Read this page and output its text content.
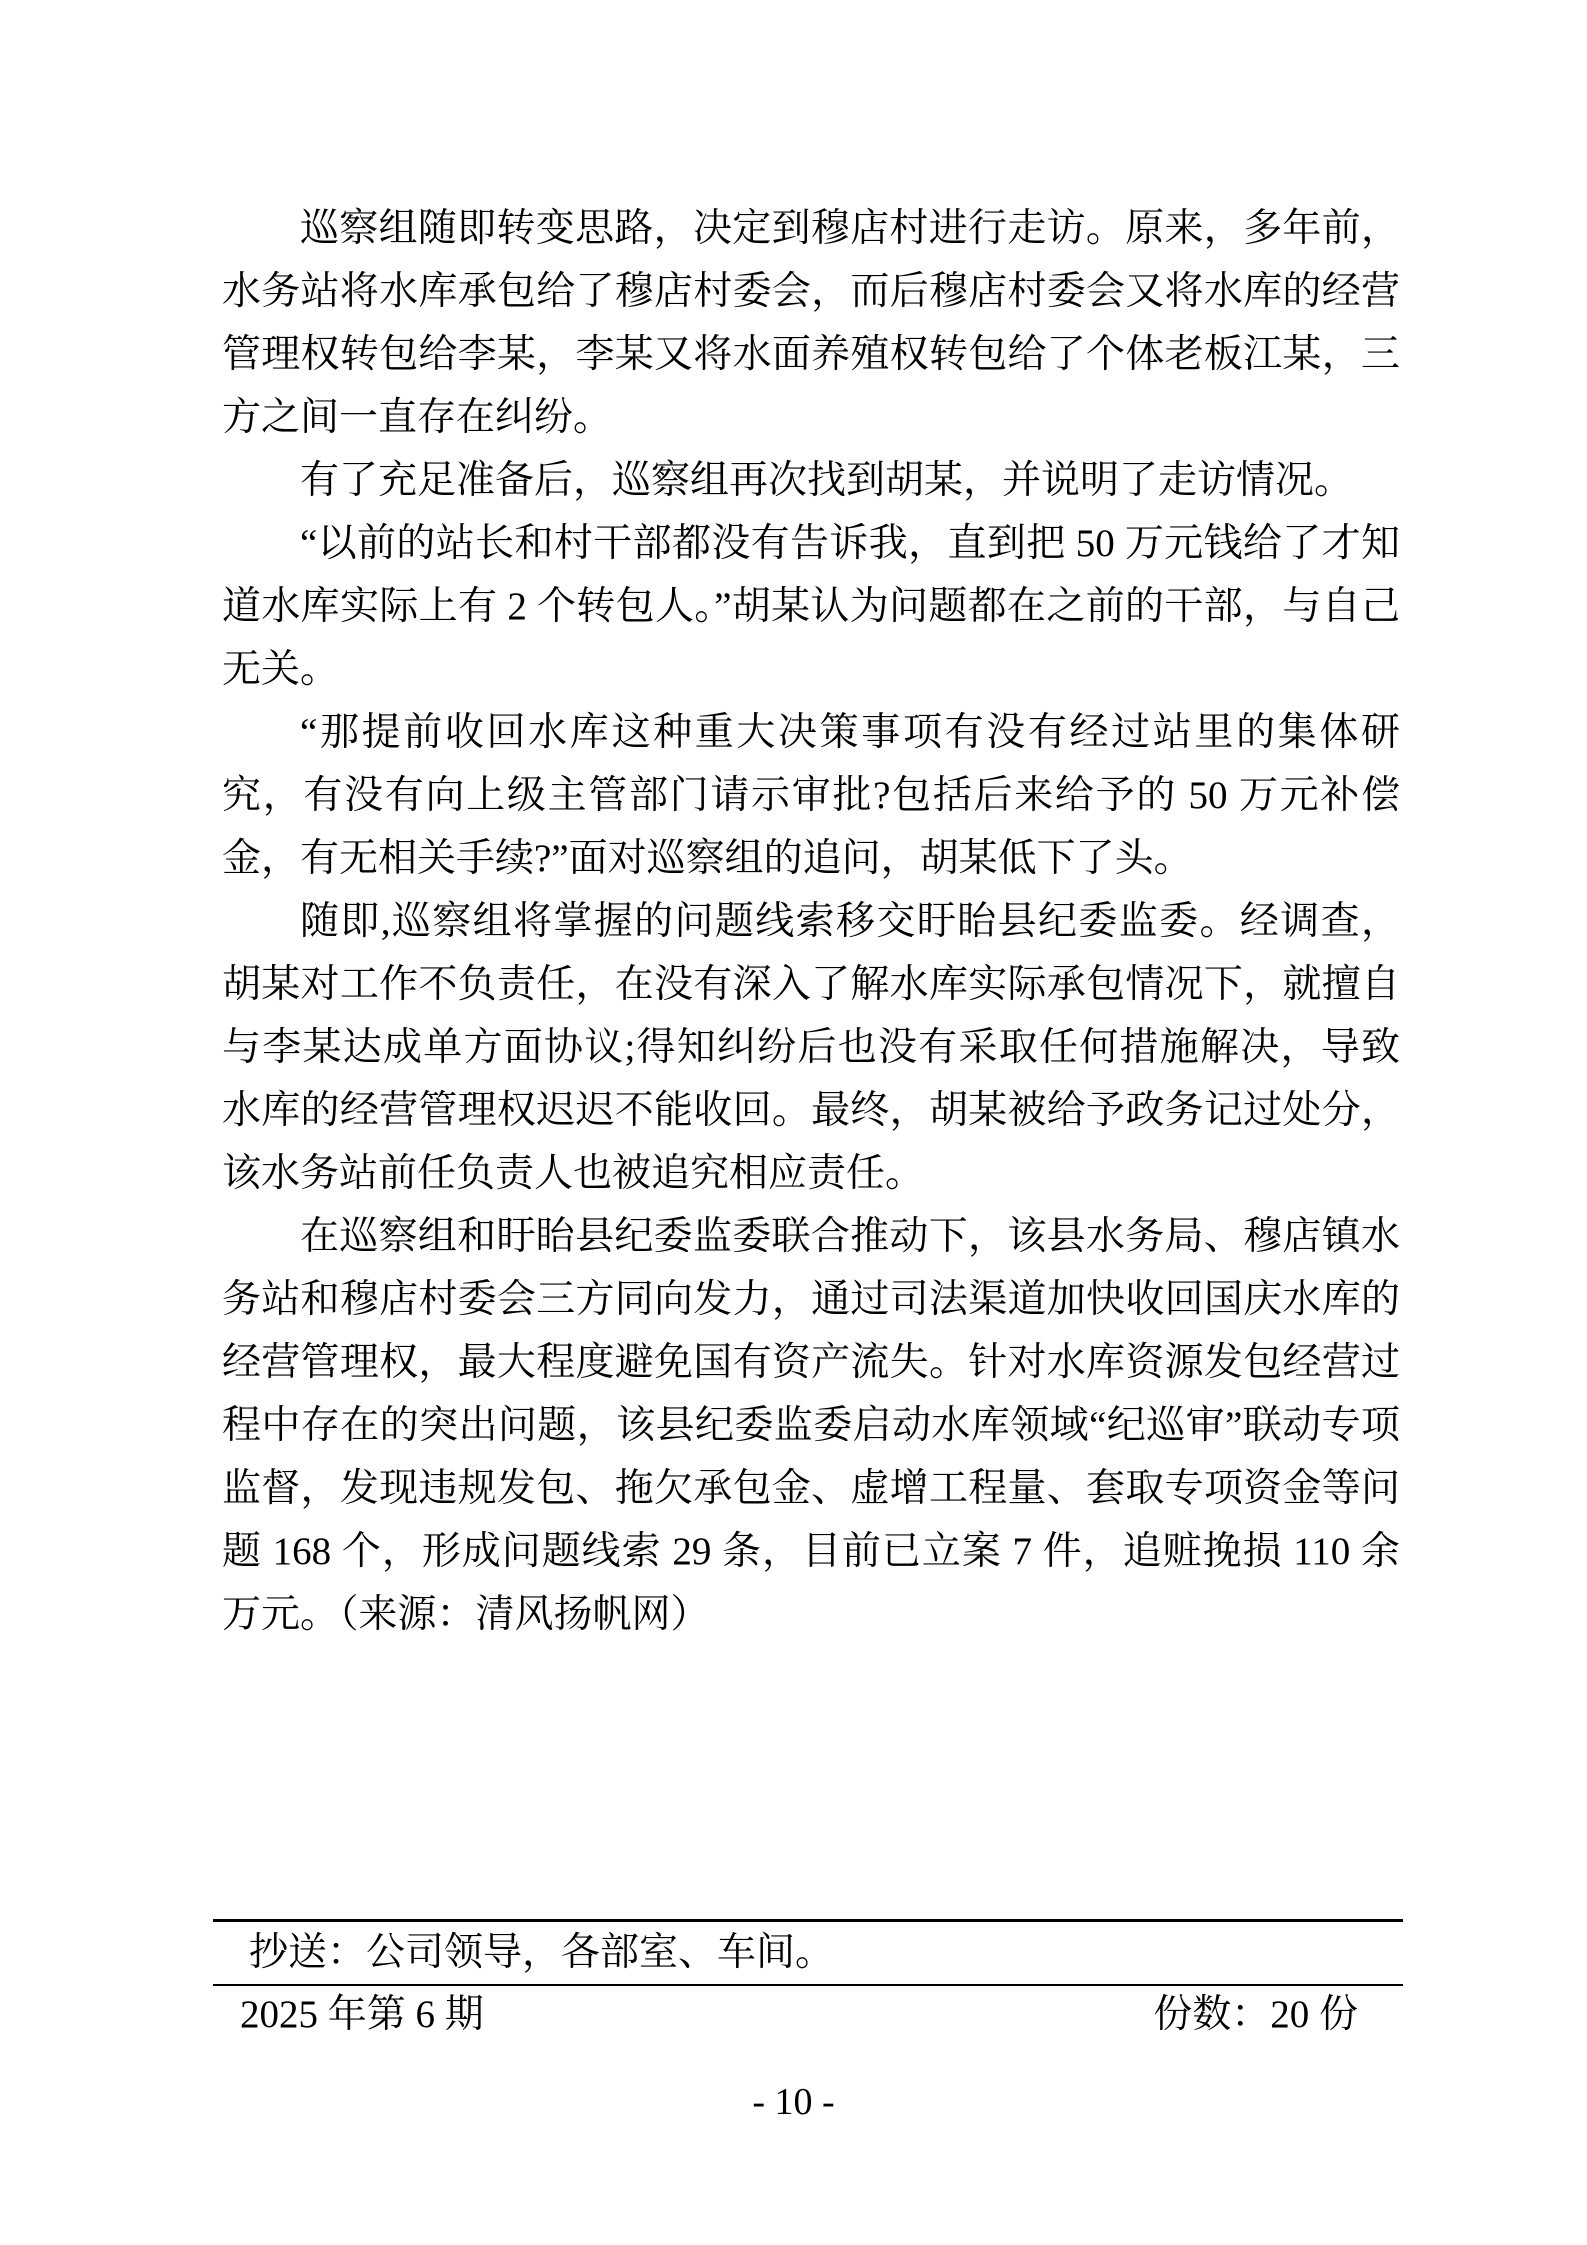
巡察组随即转变思路，决定到穆店村进行走访。原来，多年前，水务站将水库承包给了穆店村委会，而后穆店村委会又将水库的经营管理权转包给李某，李某又将水面养殖权转包给了个体老板江某，三方之间一直存在纠纷。

有了充足准备后，巡察组再次找到胡某，并说明了走访情况。

“以前的站长和村干部都没有告诉我，直到把 50 万元钱给了才知道水库实际上有 2 个转包人。”胡某认为问题都在之前的干部，与自己无关。

“那提前收回水库这种重大决策事项有没有经过站里的集体研究，有没有向上级主管部门请示审批?包括后来给予的 50 万元补偿金，有无相关手续?”面对巡察组的追问，胡某低下了头。

随即,巡察组将掌握的问题线索移交盱眙县纪委监委。经调查，胡某对工作不负责任，在没有深入了解水库实际承包情况下，就擅自与李某达成单方面协议;得知纠纷后也没有采取任何措施解决，导致水库的经营管理权迟迟不能收回。最终，胡某被给予政务记过处分，该水务站前任负责人也被追究相应责任。

在巡察组和盱眙县纪委监委联合推动下，该县水务局、穆店镇水务站和穆店村委会三方同向发力，通过司法渠道加快收回国庆水库的经营管理权，最大程度避免国有资产流失。针对水库资源发包经营过程中存在的突出问题，该县纪委监委启动水库领域“纪巡审”联动专项监督，发现违规发包、拖欠承包金、虚增工程量、套取专项资金等问题 168 个，形成问题线索 29 条，目前已立案 7 件，追赃挽损 110 余万元。（来源：清风扬帆网）

抄送：公司领导，各部室、车间。
2025 年第 6 期	份数：20 份
- 10 -
